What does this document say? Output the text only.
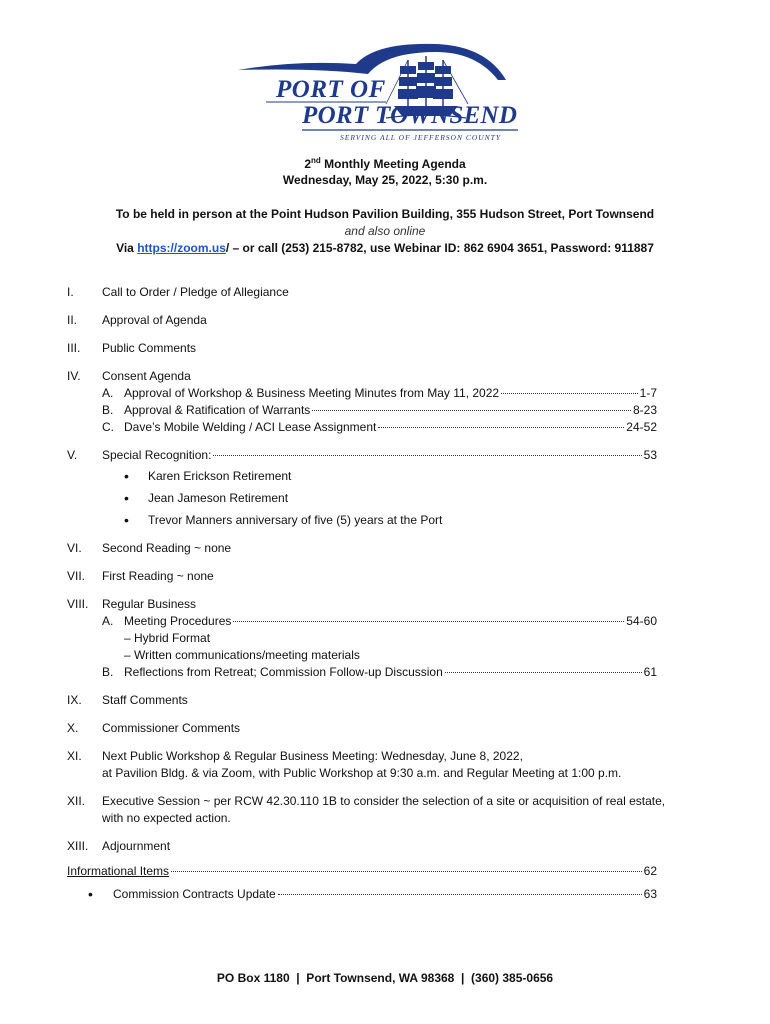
PORT OF
PORT TOWNSEND
SERVING ALL OF JEFFERSON COUNTY
2nd Monthly Meeting Agenda
Wednesday, May 25, 2022, 5:30 p.m.
To be held in person at the Point Hudson Pavilion Building, 355 Hudson Street, Port Townsend
and also online
Via https://zoom.us/ – or call (253) 215-8782, use Webinar ID: 862 6904 3651, Password: 911887
I.	Call to Order / Pledge of Allegiance
II.	Approval of Agenda
III.	Public Comments
IV.	Consent Agenda
A. Approval of Workshop & Business Meeting Minutes from May 11, 2022	1-7
B. Approval & Ratification of Warrants	8-23
C. Dave’s Mobile Welding / ACI Lease Assignment	24-52
V.	Special Recognition:	53
•	Karen Erickson Retirement
•	Jean Jameson Retirement
•	Trevor Manners anniversary of five (5) years at the Port
VI.	Second Reading ~ none
VII.	First Reading ~ none
VIII.	Regular Business
A. Meeting Procedures	54-60
– Hybrid Format
– Written communications/meeting materials
B. Reflections from Retreat; Commission Follow-up Discussion	61
IX.	Staff Comments
X.	Commissioner Comments
XI.	Next Public Workshop & Regular Business Meeting: Wednesday, June 8, 2022,
at Pavilion Bldg. & via Zoom, with Public Workshop at 9:30 a.m. and Regular Meeting at 1:00 p.m.
XII.	Executive Session ~ per RCW 42.30.110 1B to consider the selection of a site or acquisition of real estate,
with no expected action.
XIII.	Adjournment
Informational Items	62
•	Commission Contracts Update	63
PO Box 1180  |  Port Townsend, WA 98368  |  (360) 385-0656
